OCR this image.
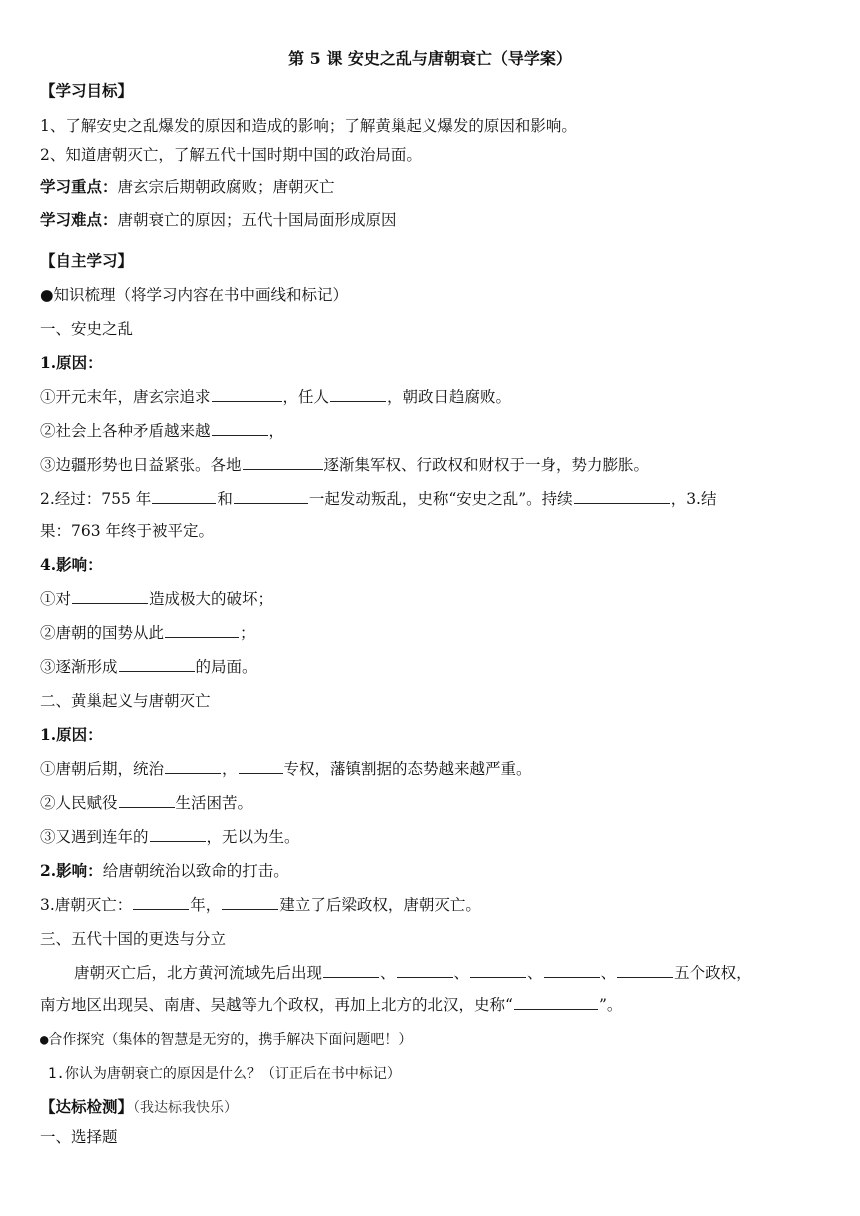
第 5 课 安史之乱与唐朝衰亡（导学案）
【学习目标】
1、了解安史之乱爆发的原因和造成的影响；了解黄巢起义爆发的原因和影响。
2、知道唐朝灭亡，了解五代十国时期中国的政治局面。
学习重点：唐玄宗后期朝政腐败；唐朝灭亡
学习难点：唐朝衰亡的原因；五代十国局面形成原因
【自主学习】
●知识梳理（将学习内容在书中画线和标记）
一、安史之乱
1.原因：
①开元末年，唐玄宗追求	，任人	，朝政日趋腐败。
②社会上各种矛盾越来越	，
③边疆形势也日益紧张。各地	逐渐集军权、行政权和财权于一身，势力膨胀。
2.经过：755 年	和	一起发动叛乱，史称“安史之乱”。持续	，3.结
果：763 年终于被平定。
4.影响：
①对	造成极大的破坏；
②唐朝的国势从此	；
③逐渐形成	的局面。
二、黄巢起义与唐朝灭亡
1.原因：
①唐朝后期，统治	，	专权，藩镇割据的态势越来越严重。
②人民赋役	生活困苦。
③又遇到连年的	，无以为生。
2.影响：给唐朝统治以致命的打击。
3.唐朝灭亡：	年，	建立了后梁政权，唐朝灭亡。
三、五代十国的更迭与分立
唐朝灭亡后，北方黄河流域先后出现	、	、	、	、	五个政权，
南方地区出现吴、南唐、吴越等九个政权，再加上北方的北汉，史称“	”。
●合作探究（集体的智慧是无穷的，携手解决下面问题吧！）
1.你认为唐朝衰亡的原因是什么？（订正后在书中标记）
【达标检测】（我达标我快乐）
一、选择题
